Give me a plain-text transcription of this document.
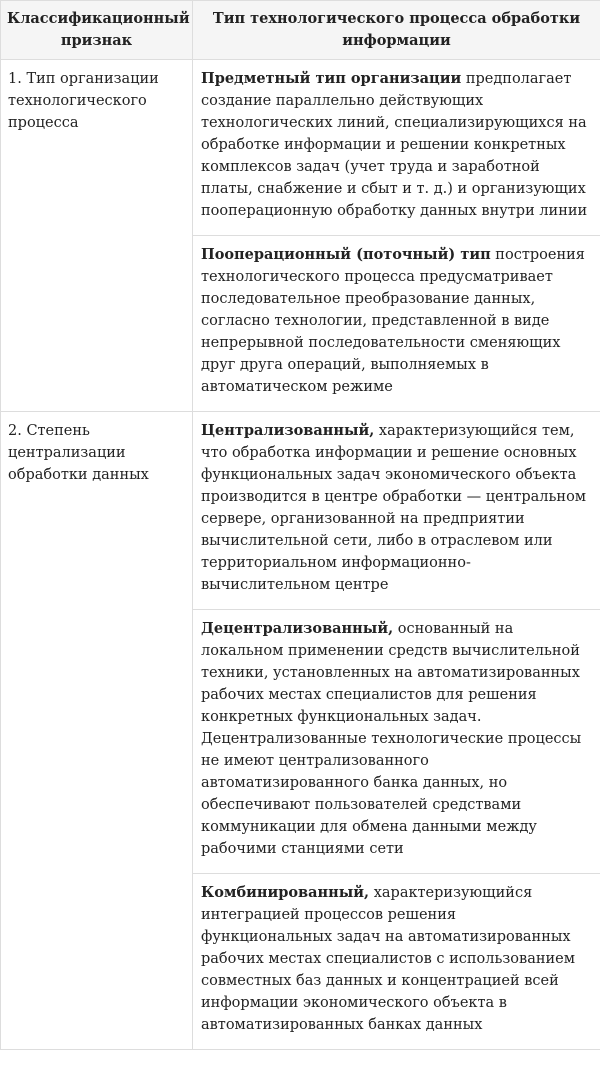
Классификационный признак	Тип технологического процесса обработки информации
1. Тип организации технологического процесса	Предметный тип организации предполагает создание параллельно действующих технологических линий, специализирующихся на обработке информации и решении конкретных комплексов задач (учет труда и заработной платы, снабжение и сбыт и т. д.) и организующих пооперационную обработку данных внутри линии
	Пооперационный (поточный) тип построения технологического процесса предусматривает последовательное преобразование данных, согласно технологии, представленной в виде непрерывной последовательности сменяющих друг друга операций, выполняемых в автоматическом режиме
2. Степень централизации обработки данных	Централизованный, характеризующийся тем, что обработка информации и решение основных функциональных задач экономического объекта производится в центре обработки — центральном сервере, организованной на предприятии вычислительной сети, либо в отраслевом или территориальном информационно-вычислительном центре
	Децентрализованный, основанный на локальном применении средств вычислительной техники, установленных на автоматизированных рабочих местах специалистов для решения конкретных функциональных задач. Децентрализованные технологические процессы не имеют централизованного автоматизированного банка данных, но обеспечивают пользователей средствами коммуникации для обмена данными между рабочими станциями сети
	Комбинированный, характеризующийся интеграцией процессов решения функциональных задач на автоматизированных рабочих местах специалистов с использованием совместных баз данных и концентрацией всей информации экономического объекта в автоматизированных банках данных
